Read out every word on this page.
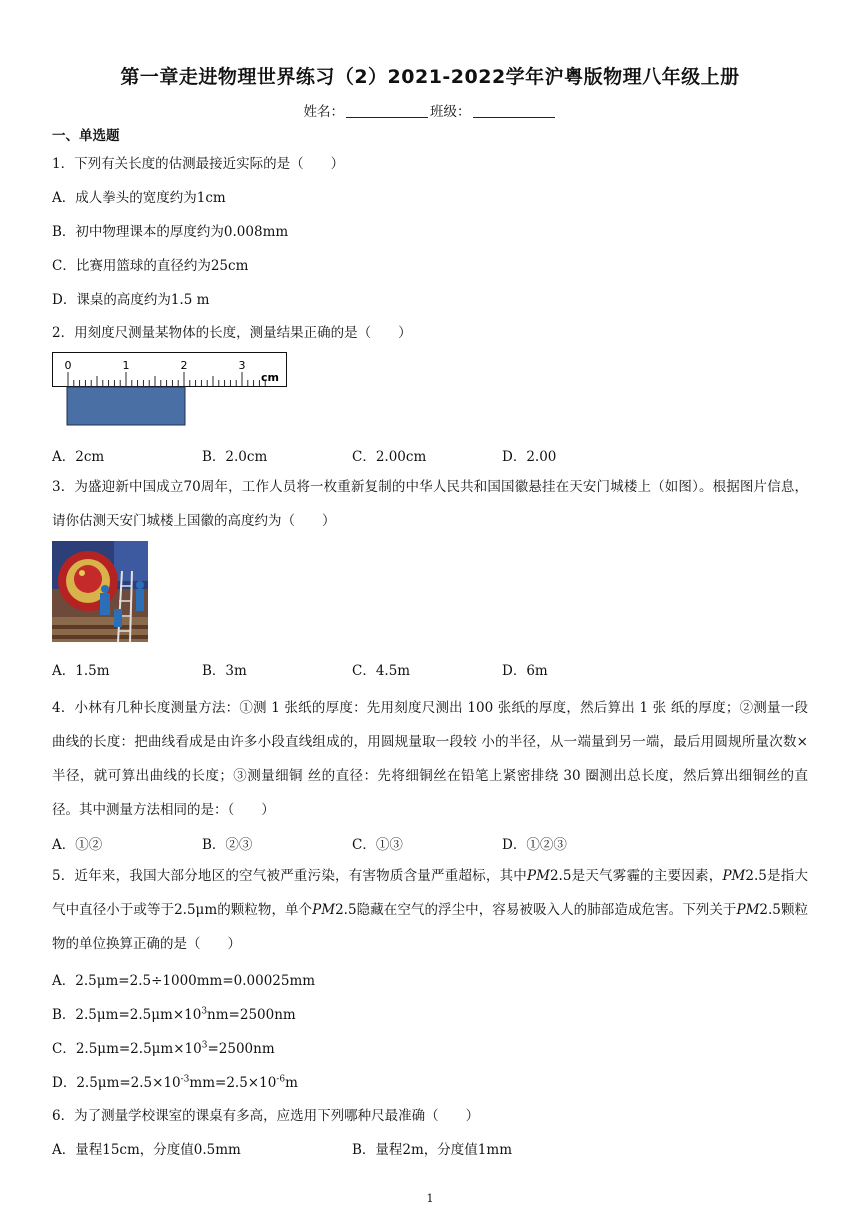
第一章走进物理世界练习（2）2021-2022学年沪粤版物理八年级上册
姓名：	班级：
一、单选题
1．下列有关长度的估测最接近实际的是（　　）
A．成人拳头的宽度约为1cm
B．初中物理课本的厚度约为0.008mm
C．比赛用篮球的直径约为25cm
D．课桌的高度约为1.5 m
2．用刻度尺测量某物体的长度，测量结果正确的是（　　）
0	1	2	3
cm
A．2cm	B．2.0cm	C．2.00cm	D．2.00
3．为盛迎新中国成立70周年，工作人员将一枚重新复制的中华人民共和国国徽悬挂在天安门城楼上（如图）。根据图片信息，请你估测天安门城楼上国徽的高度约为（　　）
A．1.5m	B．3m	C．4.5m	D．6m
4．小林有几种长度测量方法：①测 1 张纸的厚度：先用刻度尺测出 100 张纸的厚度，然后算出 1 张 纸的厚度；②测量一段曲线的长度：把曲线看成是由许多小段直线组成的，用圆规量取一段较 小的半径，从一端量到另一端，最后用圆规所量次数×半径，就可算出曲线的长度；③测量细铜 丝的直径：先将细铜丝在铅笔上紧密排绕 30 圈测出总长度，然后算出细铜丝的直径。其中测量方法相同的是：（　　）
A．①②	B．②③	C．①③	D．①②③
5．近年来，我国大部分地区的空气被严重污染，有害物质含量严重超标，其中PM2.5是天气雾霾的主要因素，PM2.5是指大气中直径小于或等于2.5μm的颗粒物，单个PM2.5隐藏在空气的浮尘中，容易被吸入人的肺部造成危害。下列关于PM2.5颗粒物的单位换算正确的是（　　）
A．2.5μm=2.5÷1000mm=0.00025mm
B．$2.5\mu m=2.5\mu m\times 10^3nm=2500nm$
C．$2.5\mu m=2.5\mu m\times 10^3=2500nm$
D．$2.5\mu m=2.5\times 10^{-3}mm=2.5\times 10^{-6}m$
6．为了测量学校课室的课桌有多高，应选用下列哪种尺最准确（　　）
A．量程15cm，分度值0.5mm	B．量程2m，分度值1mm
1
